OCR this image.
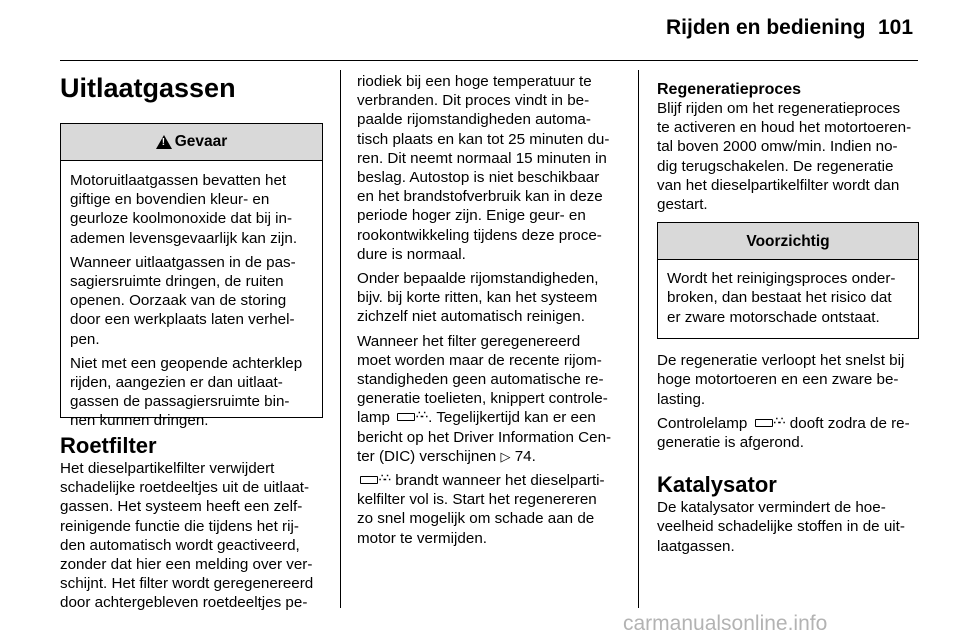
Rijden en bediening 101
Uitlaatgassen
!
Gevaar

Motoruitlaatgassen bevatten het
giftige en bovendien kleur- en
geurloze koolmonoxide dat bij in-
ademen levensgevaarlijk kan zijn.

Wanneer uitlaatgassen in de pas-
sagiersruimte dringen, de ruiten
openen. Oorzaak van de storing
door een werkplaats laten verhel-
pen.

Niet met een geopende achterklep
rijden, aangezien er dan uitlaat-
gassen de passagiersruimte bin-
nen kunnen dringen.

Roetfilter

Het dieselpartikelfilter verwijdert
schadelijke roetdeeltjes uit de uitlaat-
gassen. Het systeem heeft een zelf-
reinigende functie die tijdens het rij-
den automatisch wordt geactiveerd,
zonder dat hier een melding over ver-
schijnt. Het filter wordt geregenereerd
door achtergebleven roetdeeltjes pe-

riodiek bij een hoge temperatuur te
verbranden. Dit proces vindt in be-
paalde rijomstandigheden automa-
tisch plaats en kan tot 25 minuten du-
ren. Dit neemt normaal 15 minuten in
beslag. Autostop is niet beschikbaar
en het brandstofverbruik kan in deze
periode hoger zijn. Enige geur- en
rookontwikkeling tijdens deze proce-
dure is normaal.

Onder bepaalde rijomstandigheden,
bijv. bij korte ritten, kan het systeem
zichzelf niet automatisch reinigen.

Wanneer het filter geregenereerd
moet worden maar de recente rijom-
standigheden geen automatische re-
generatie toelieten, knippert controle-
lamp	∴∴ . Tegelijkertijd kan er een
bericht op het Driver Information Cen-
ter (DIC) verschijnen ▷ 74.

∴∴ brandt wanneer het dieselparti-
kelfilter vol is. Start het regenereren
zo snel mogelijk om schade aan de
motor te vermijden.

Regeneratieproces

Blijf rijden om het regeneratieproces
te activeren en houd het motortoeren-
tal boven 2000 omw/min. Indien no-
dig terugschakelen. De regeneratie
van het dieselpartikelfilter wordt dan
gestart.

Voorzichtig
Wordt het reinigingsproces onder-
broken, dan bestaat het risico dat
er zware motorschade ontstaat.

De regeneratie verloopt het snelst bij
hoge motortoeren en een zware be-
lasting.

Controlelamp	∴∴ dooft zodra de re-
generatie is afgerond.

Katalysator

De katalysator vermindert de hoe-
veelheid schadelijke stoffen in de uit-
laatgassen.

carmanualsonline.info
